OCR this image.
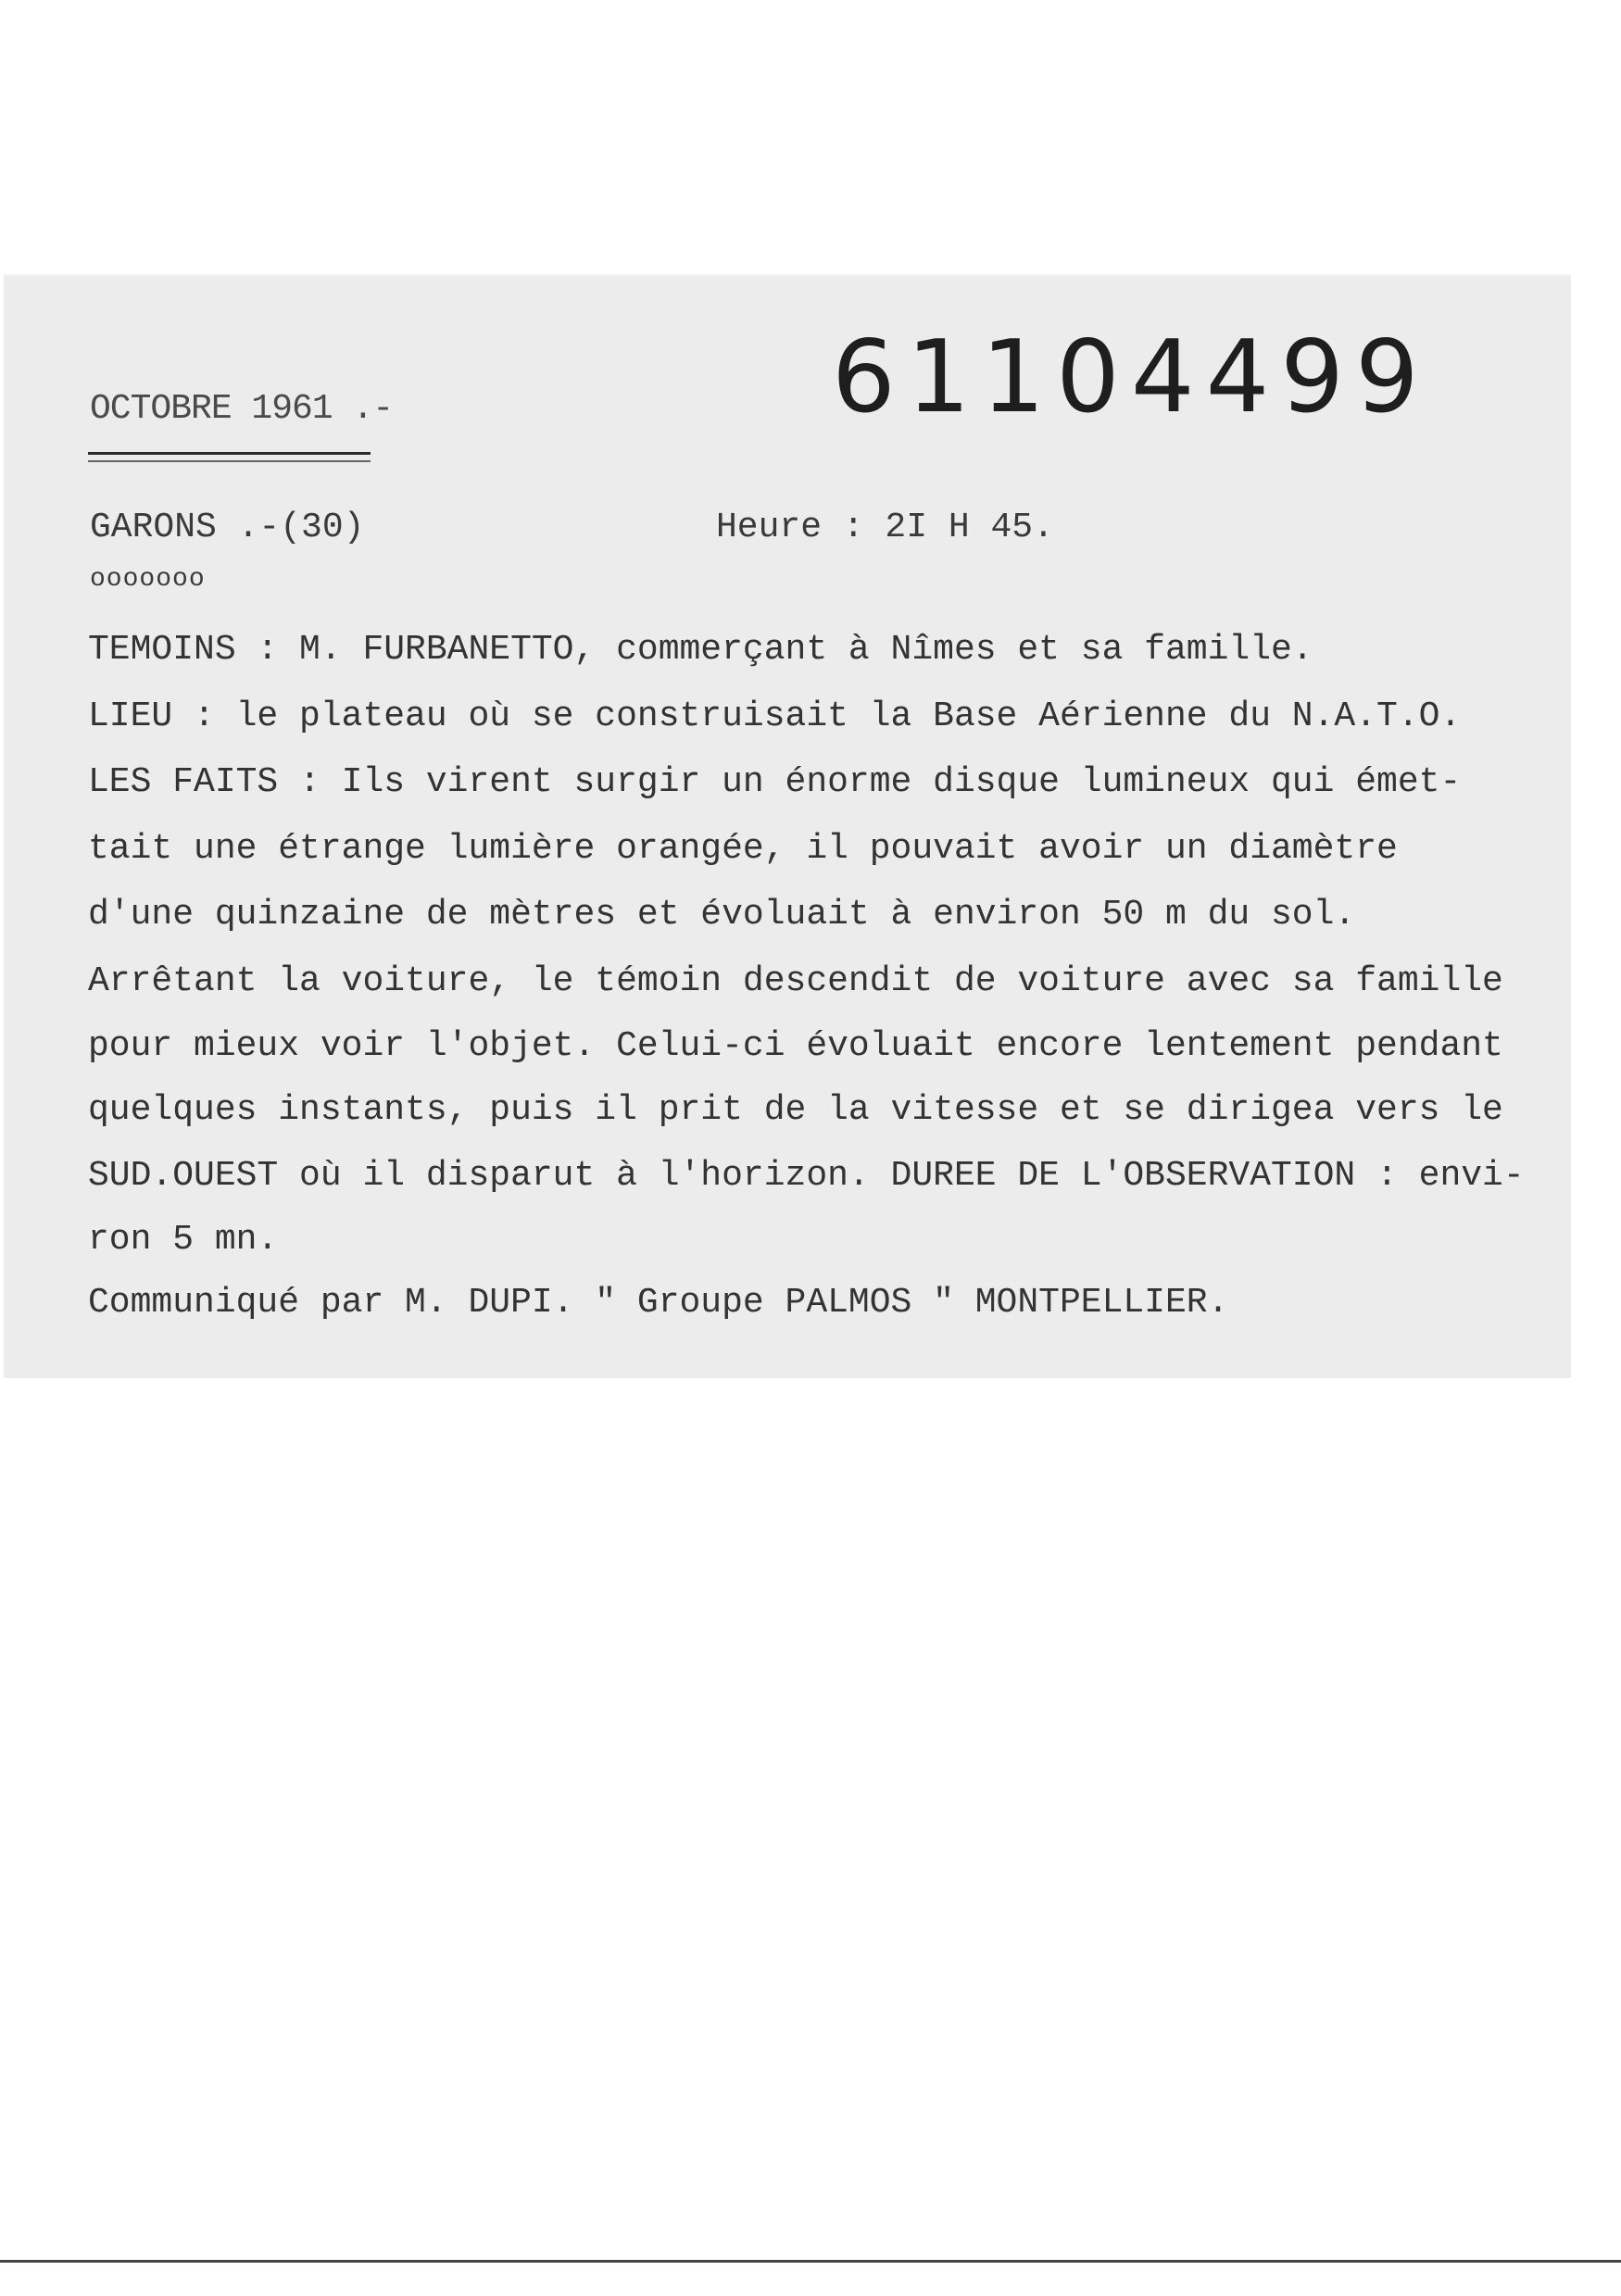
61104499
OCTOBRE 1961 .-
GARONS .-(30)	Heure : 2I H 45.
ooooooo
TEMOINS : M. FURBANETTO, commerçant à Nîmes et sa famille.
LIEU : le plateau où se construisait la Base Aérienne du N.A.T.O.
LES FAITS : Ils virent surgir un énorme disque lumineux qui émet-
tait une étrange lumière orangée, il pouvait avoir un diamètre
d'une quinzaine de mètres et évoluait à environ 50 m du sol.
Arrêtant la voiture, le témoin descendit de voiture avec sa famille
pour mieux voir l'objet. Celui-ci évoluait encore lentement pendant
quelques instants, puis il prit de la vitesse et se dirigea vers le
SUD.OUEST où il disparut à l'horizon. DUREE DE L'OBSERVATION : envi-
ron 5 mn.
Communiqué par M. DUPI. " Groupe PALMOS " MONTPELLIER.
